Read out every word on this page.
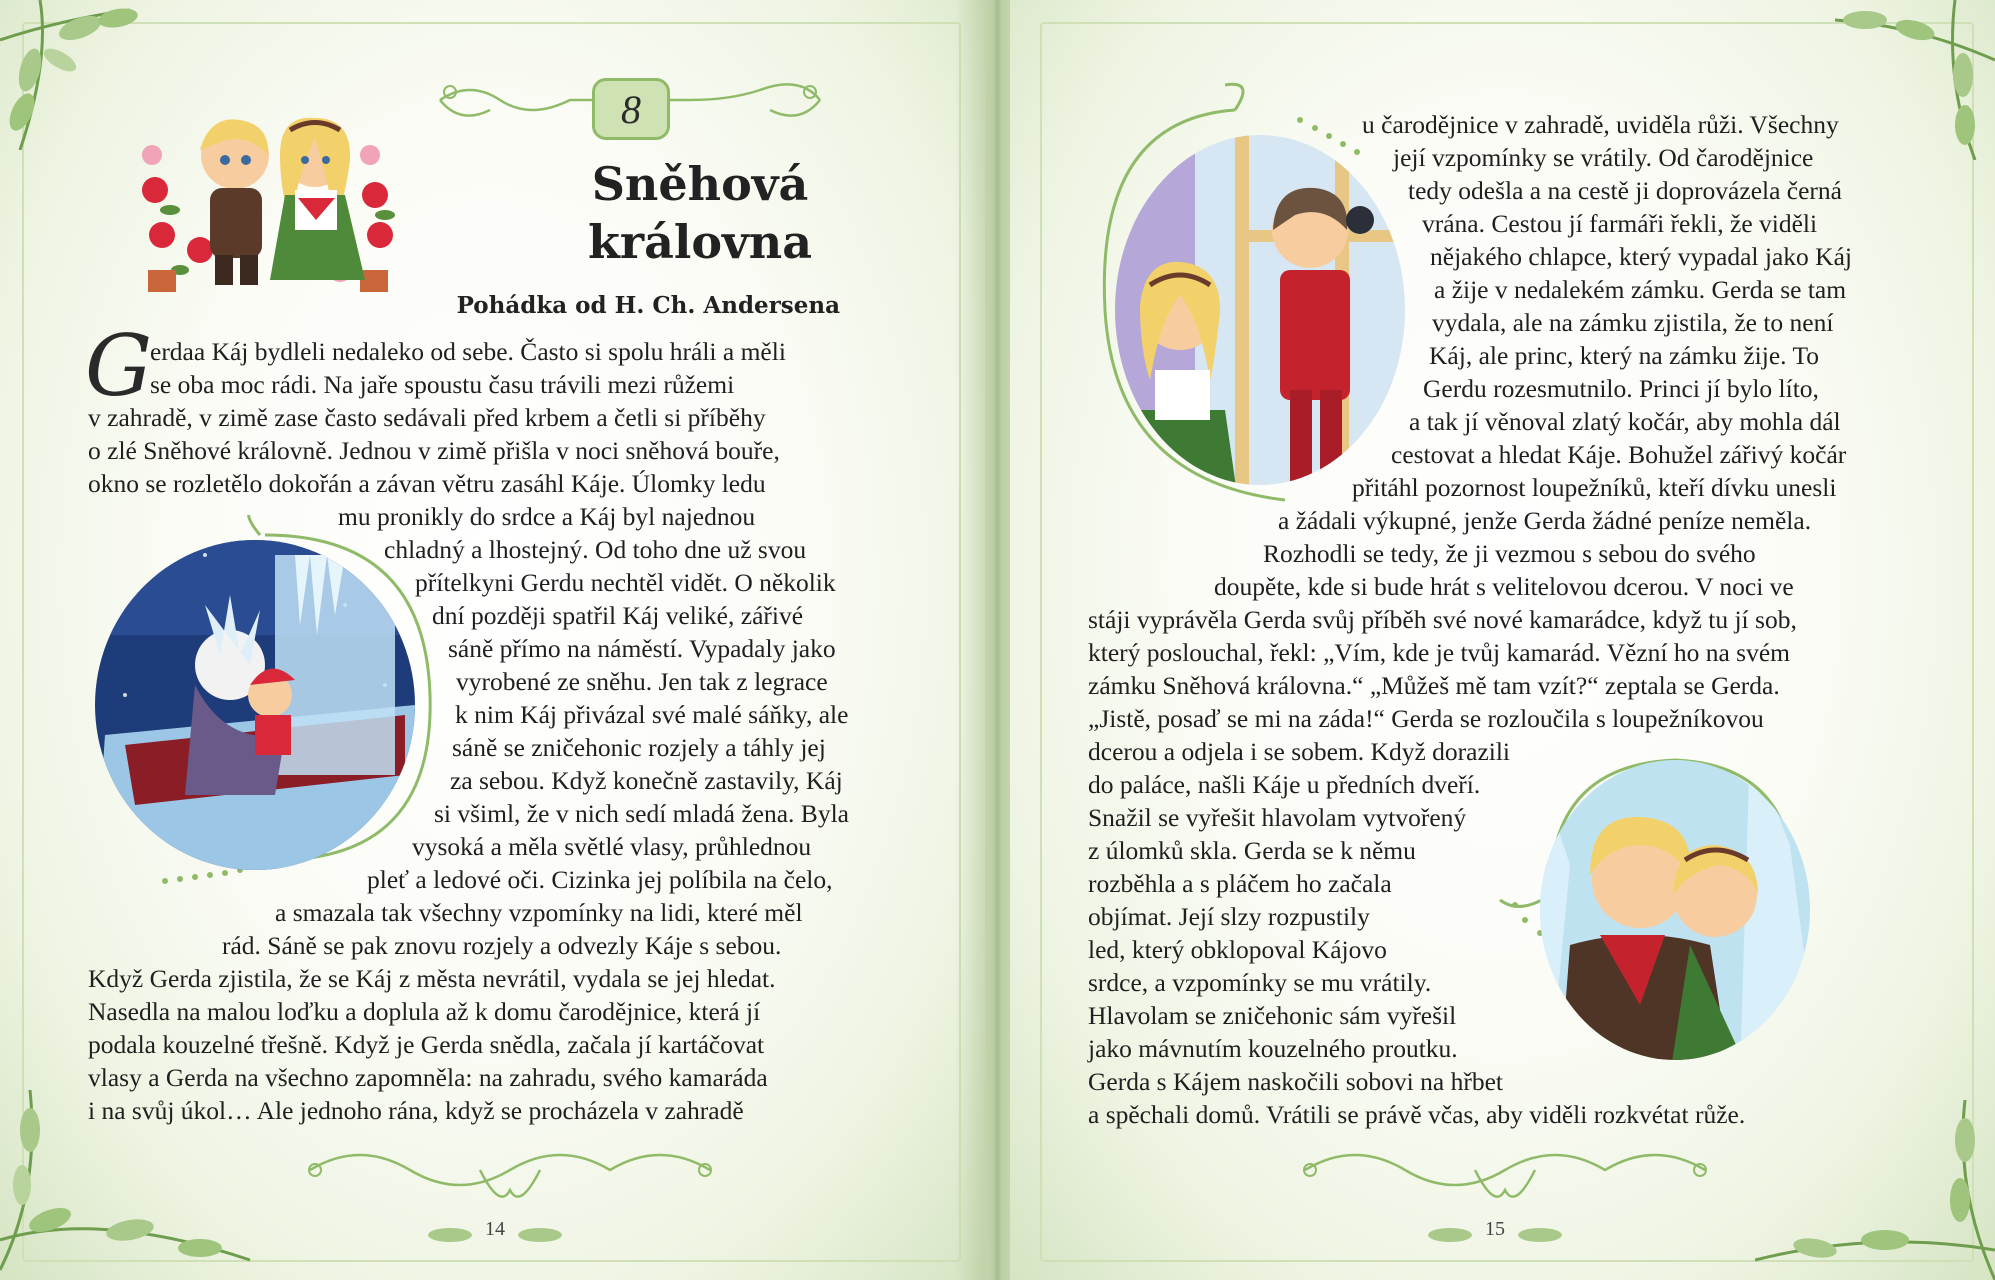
8
Sněhová
královna
Pohádka od H. Ch. Andersena
G
erdaa Káj bydleli nedaleko od sebe. Často si spolu hráli a měli
se oba moc rádi. Na jaře spoustu času trávili mezi růžemi
v zahradě, v zimě zase často sedávali před krbem a četli si příběhy
o zlé Sněhové královně. Jednou v zimě přišla v noci sněhová bouře,
okno se rozletělo dokořán a závan větru zasáhl Káje. Úlomky ledu
mu pronikly do srdce a Káj byl najednou
chladný a lhostejný. Od toho dne už svou
přítelkyni Gerdu nechtěl vidět. O několik
dní později spatřil Káj veliké, zářivé
sáně přímo na náměstí. Vypadaly jako
vyrobené ze sněhu. Jen tak z legrace
k nim Káj přivázal své malé sáňky, ale
sáně se zničehonic rozjely a táhly jej
za sebou. Když konečně zastavily, Káj
si všiml, že v nich sedí mladá žena. Byla
vysoká a měla světlé vlasy, průhlednou
pleť a ledové oči. Cizinka jej políbila na čelo,
a smazala tak všechny vzpomínky na lidi, které měl
rád. Sáně se pak znovu rozjely a odvezly Káje s sebou.
Když Gerda zjistila, že se Káj z města nevrátil, vydala se jej hledat.
Nasedla na malou loďku a doplula až k domu čarodějnice, která jí
podala kouzelné třešně. Když je Gerda snědla, začala jí kartáčovat
vlasy a Gerda na všechno zapomněla: na zahradu, svého kamaráda
i na svůj úkol… Ale jednoho rána, když se procházela v zahradě
14
u čarodějnice v zahradě, uviděla růži. Všechny
její vzpomínky se vrátily. Od čarodějnice
tedy odešla a na cestě ji doprovázela černá
vrána. Cestou jí farmáři řekli, že viděli
nějakého chlapce, který vypadal jako Káj
a žije v nedalekém zámku. Gerda se tam
vydala, ale na zámku zjistila, že to není
Káj, ale princ, který na zámku žije. To
Gerdu rozesmutnilo. Princi jí bylo líto,
a tak jí věnoval zlatý kočár, aby mohla dál
cestovat a hledat Káje. Bohužel zářivý kočár
přitáhl pozornost loupežníků, kteří dívku unesli
a žádali výkupné, jenže Gerda žádné peníze neměla.
Rozhodli se tedy, že ji vezmou s sebou do svého
doupěte, kde si bude hrát s velitelovou dcerou. V noci ve
stáji vyprávěla Gerda svůj příběh své nové kamarádce, když tu jí sob,
který poslouchal, řekl: „Vím, kde je tvůj kamarád. Vězní ho na svém
zámku Sněhová královna.“ „Můžeš mě tam vzít?“ zeptala se Gerda.
„Jistě, posaď se mi na záda!“ Gerda se rozloučila s loupežníkovou
dcerou a odjela i se sobem. Když dorazili
do paláce, našli Káje u předních dveří.
Snažil se vyřešit hlavolam vytvořený
z úlomků skla. Gerda se k němu
rozběhla a s pláčem ho začala
objímat. Její slzy rozpustily
led, který obklopoval Kájovo
srdce, a vzpomínky se mu vrátily.
Hlavolam se zničehonic sám vyřešil
jako mávnutím kouzelného proutku.
Gerda s Kájem naskočili sobovi na hřbet
a spěchali domů. Vrátili se právě včas, aby viděli rozkvétat růže.
15
